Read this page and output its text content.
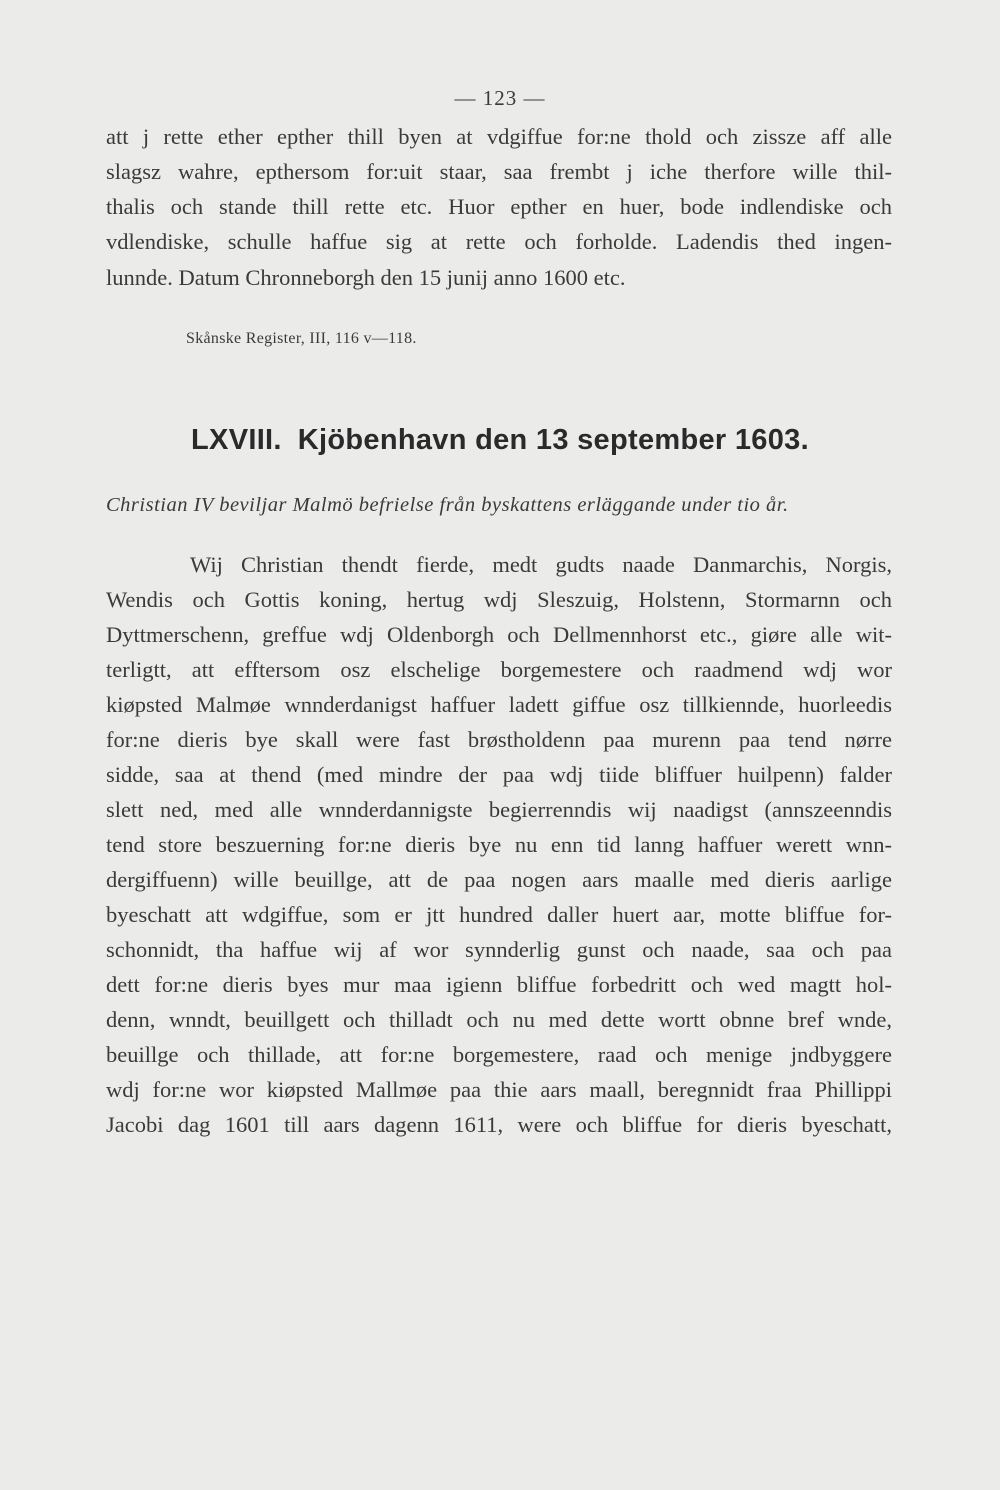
— 123 —
att j rette ether epther thill byen at vdgiffue for:ne thold och zissze aff alle
slagsz wahre, epthersom for:uit staar, saa frembt j iche therfore wille thil-
thalis och stande thill rette etc. Huor epther en huer, bode indlendiske och
vdlendiske, schulle haffue sig at rette och forholde. Ladendis thed ingen-
lunnde. Datum Chronneborgh den 15 junij anno 1600 etc.
Skånske Register, III, 116 v—118.
LXVIII. Kjöbenhavn den 13 september 1603.
Christian IV beviljar Malmö befrielse från byskattens erläggande under tio år.
Wij Christian thendt fierde, medt gudts naade Danmarchis, Norgis,
Wendis och Gottis koning, hertug wdj Sleszuig, Holstenn, Stormarnn och
Dyttmerschenn, greffue wdj Oldenborgh och Dellmennhorst etc., giøre alle wit-
terligtt, att efftersom osz elschelige borgemestere och raadmend wdj wor
kiøpsted Malmøe wnnderdanigst haffuer ladett giffue osz tillkiennde, huorleedis
for:ne dieris bye skall were fast brøstholdenn paa murenn paa tend nørre
sidde, saa at thend (med mindre der paa wdj tiide bliffuer huilpenn) falder
slett ned, med alle wnnderdannigste begierrenndis wij naadigst (annszeenndis
tend store beszuerning for:ne dieris bye nu enn tid lanng haffuer werett wnn-
dergiffuenn) wille beuillge, att de paa nogen aars maalle med dieris aarlige
byeschatt att wdgiffue, som er jtt hundred daller huert aar, motte bliffue for-
schonnidt, tha haffue wij af wor synnderlig gunst och naade, saa och paa
dett for:ne dieris byes mur maa igienn bliffue forbedritt och wed magtt hol-
denn, wnndt, beuillgett och thilladt och nu med dette wortt obnne bref wnde,
beuillge och thillade, att for:ne borgemestere, raad och menige jndbyggere
wdj for:ne wor kiøpsted Mallmøe paa thie aars maall, beregnnidt fraa Phillippi
Jacobi dag 1601 till aars dagenn 1611, were och bliffue for dieris byeschatt,
